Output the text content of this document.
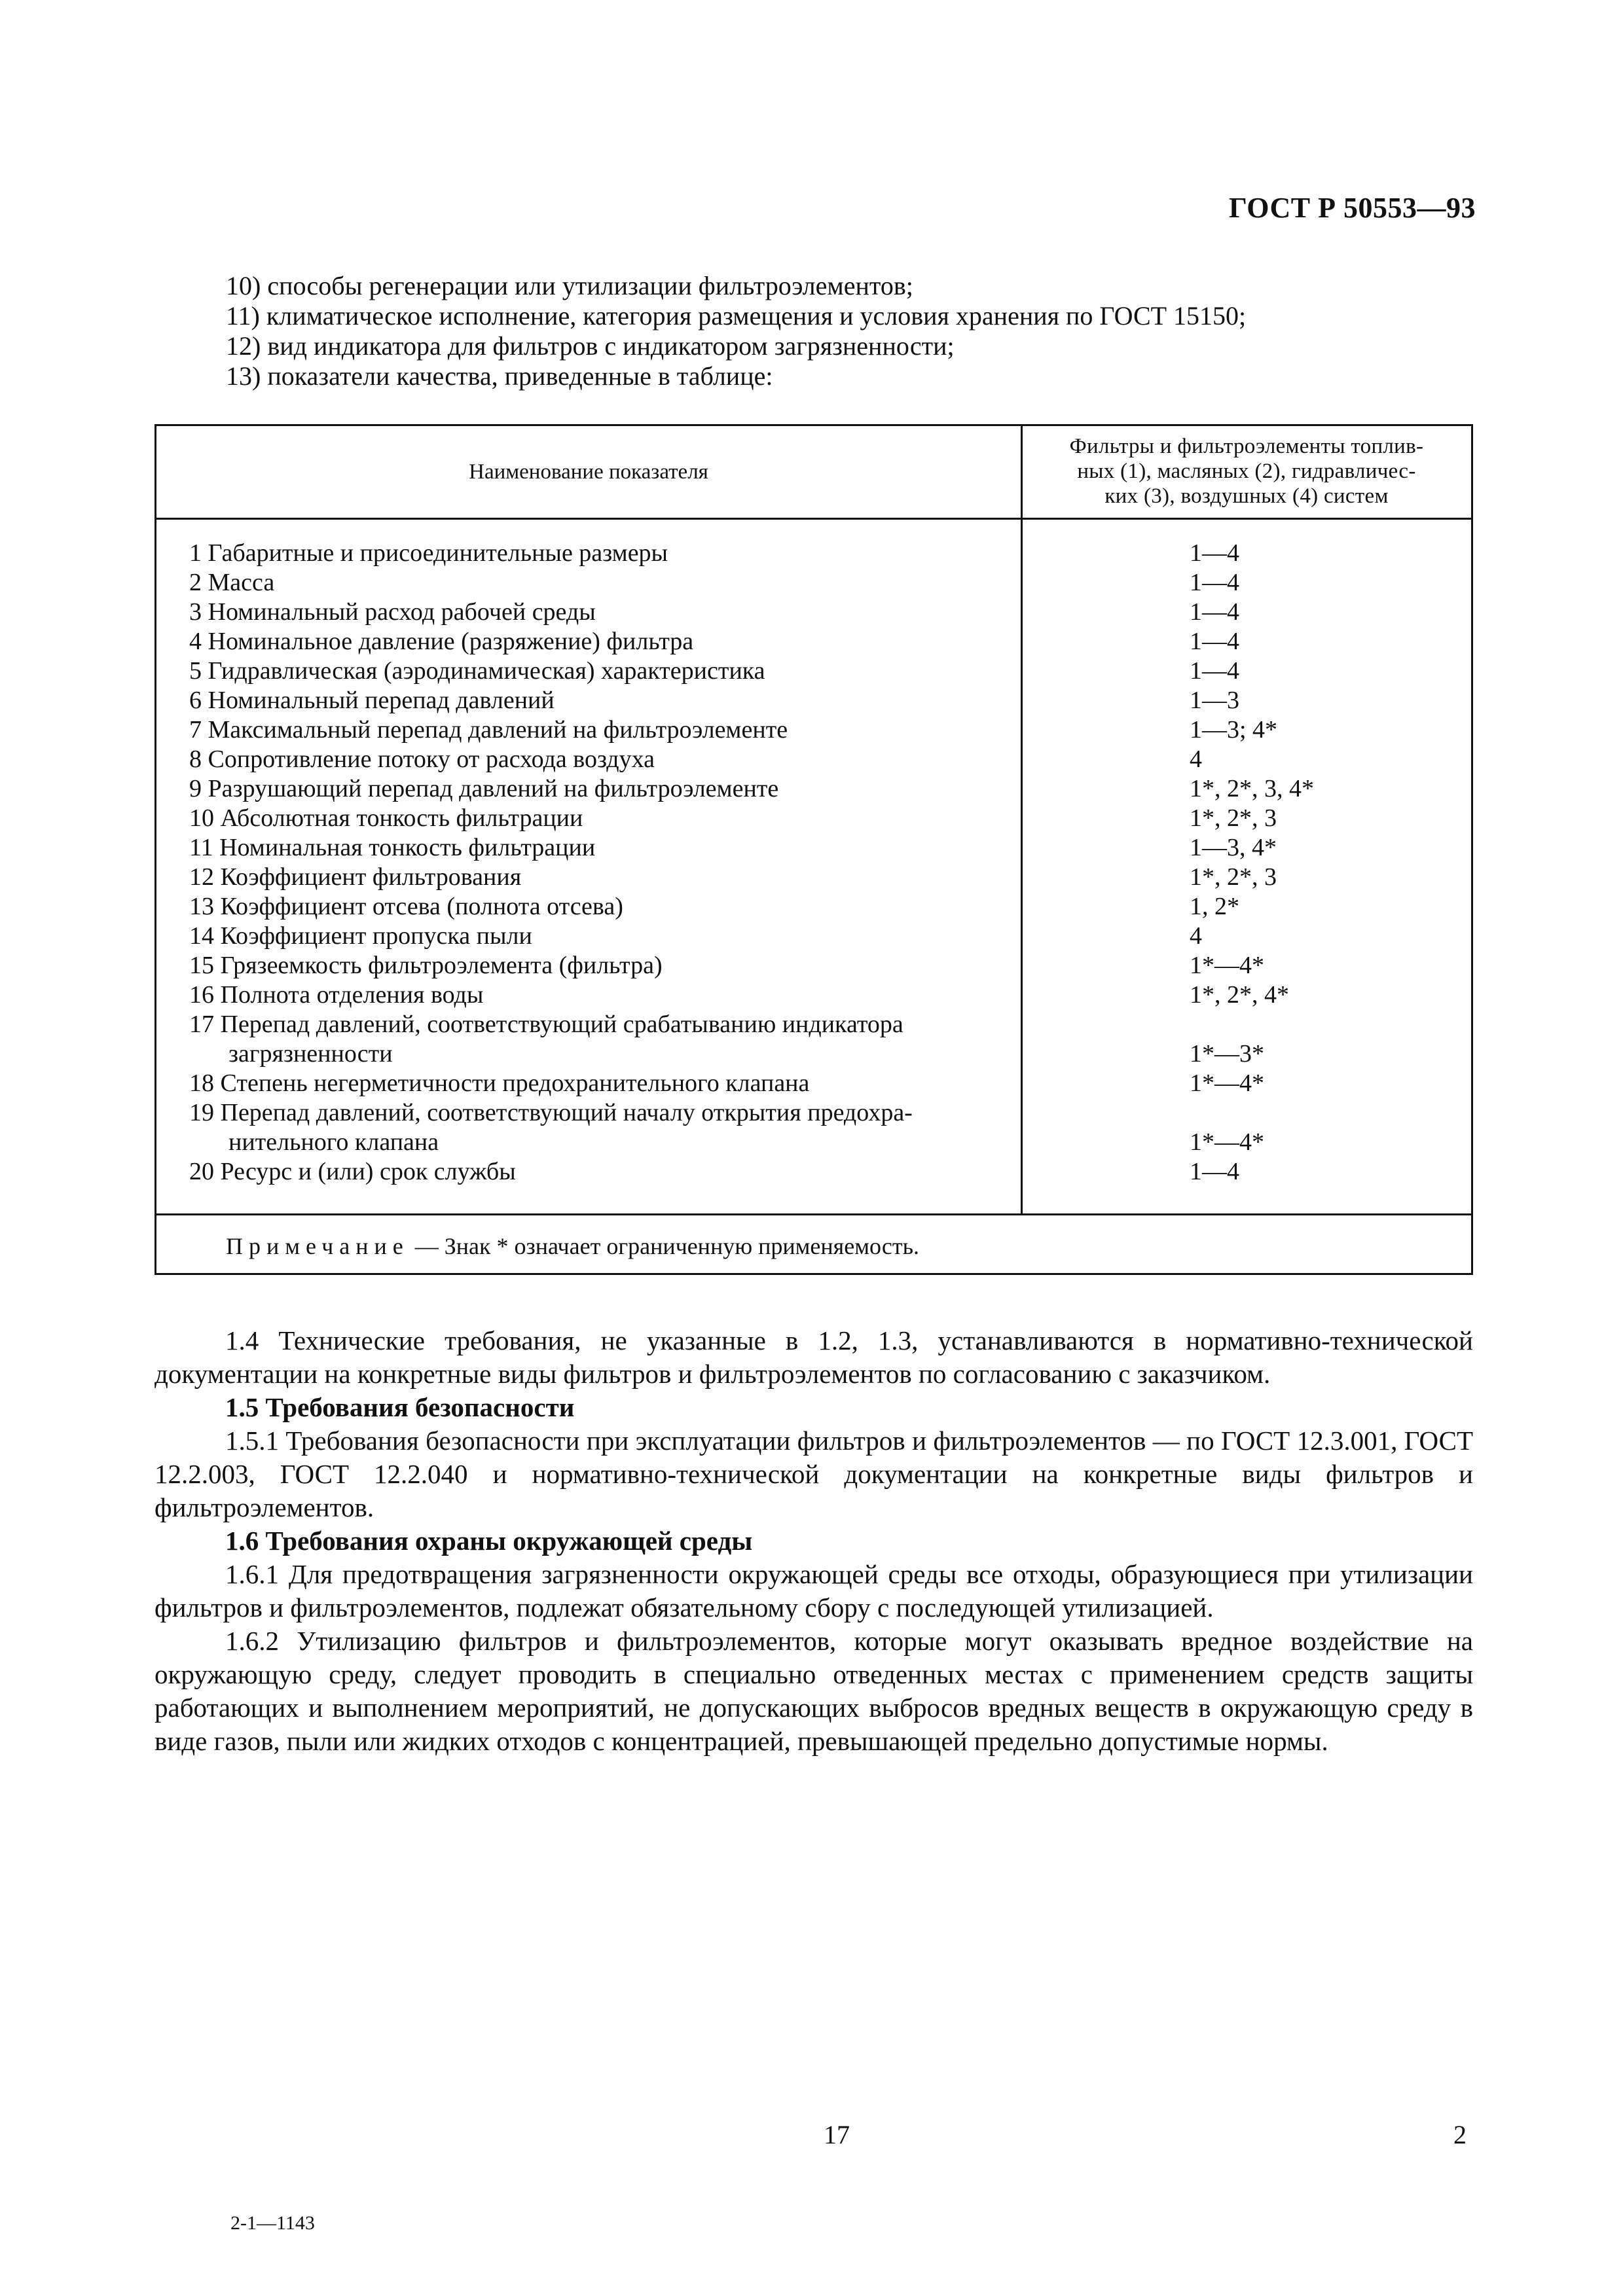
ГОСТ Р 50553—93
10) способы регенерации или утилизации фильтроэлементов;
11) климатическое исполнение, категория размещения и условия хранения по ГОСТ 15150;
12) вид индикатора для фильтров с индикатором загрязненности;
13) показатели качества, приведенные в таблице:
Наименование показателя
Фильтры и фильтроэлементы топлив-
ных (1), масляных (2), гидравличес-
ких (3), воздушных (4) систем
1 Габаритные и присоединительные размеры	1—4
2 Масса	1—4
3 Номинальный расход рабочей среды	1—4
4 Номинальное давление (разряжение) фильтра	1—4
5 Гидравлическая (аэродинамическая) характеристика	1—4
6 Номинальный перепад давлений	1—3
7 Максимальный перепад давлений на фильтроэлементе	1—3; 4*
8 Сопротивление потоку от расхода воздуха	4
9 Разрушающий перепад давлений на фильтроэлементе	1*, 2*, 3, 4*
10 Абсолютная тонкость фильтрации	1*, 2*, 3
11 Номинальная тонкость фильтрации	1—3, 4*
12 Коэффициент фильтрования	1*, 2*, 3
13 Коэффициент отсева (полнота отсева)	1, 2*
14 Коэффициент пропуска пыли	4
15 Грязеемкость фильтроэлемента (фильтра)	1*—4*
16 Полнота отделения воды	1*, 2*, 4*
17 Перепад давлений, соответствующий срабатыванию индикатора
загрязненности	1*—3*
18 Степень негерметичности предохранительного клапана	1*—4*
19 Перепад давлений, соответствующий началу открытия предохра-
нительного клапана	1*—4*
20 Ресурс и (или) срок службы	1—4
Примечание — Знак * означает ограниченную применяемость.
1.4 Технические требования, не указанные в 1.2, 1.3, устанавливаются в нормативно-технической документации на конкретные виды фильтров и фильтроэлементов по согласованию с заказчиком.
1.5 Требования безопасности
1.5.1 Требования безопасности при эксплуатации фильтров и фильтроэлементов — по ГОСТ 12.3.001, ГОСТ 12.2.003, ГОСТ 12.2.040 и нормативно-технической документации на конкретные виды фильтров и фильтроэлементов.
1.6 Требования охраны окружающей среды
1.6.1 Для предотвращения загрязненности окружающей среды все отходы, образующиеся при утилизации фильтров и фильтроэлементов, подлежат обязательному сбору с последующей утилизацией.
1.6.2 Утилизацию фильтров и фильтроэлементов, которые могут оказывать вредное воздействие на окружающую среду, следует проводить в специально отведенных местах с применением средств защиты работающих и выполнением мероприятий, не допускающих выбросов вредных веществ в окружающую среду в виде газов, пыли или жидких отходов с концентрацией, превышающей предельно допустимые нормы.
17	2
2-1—1143
